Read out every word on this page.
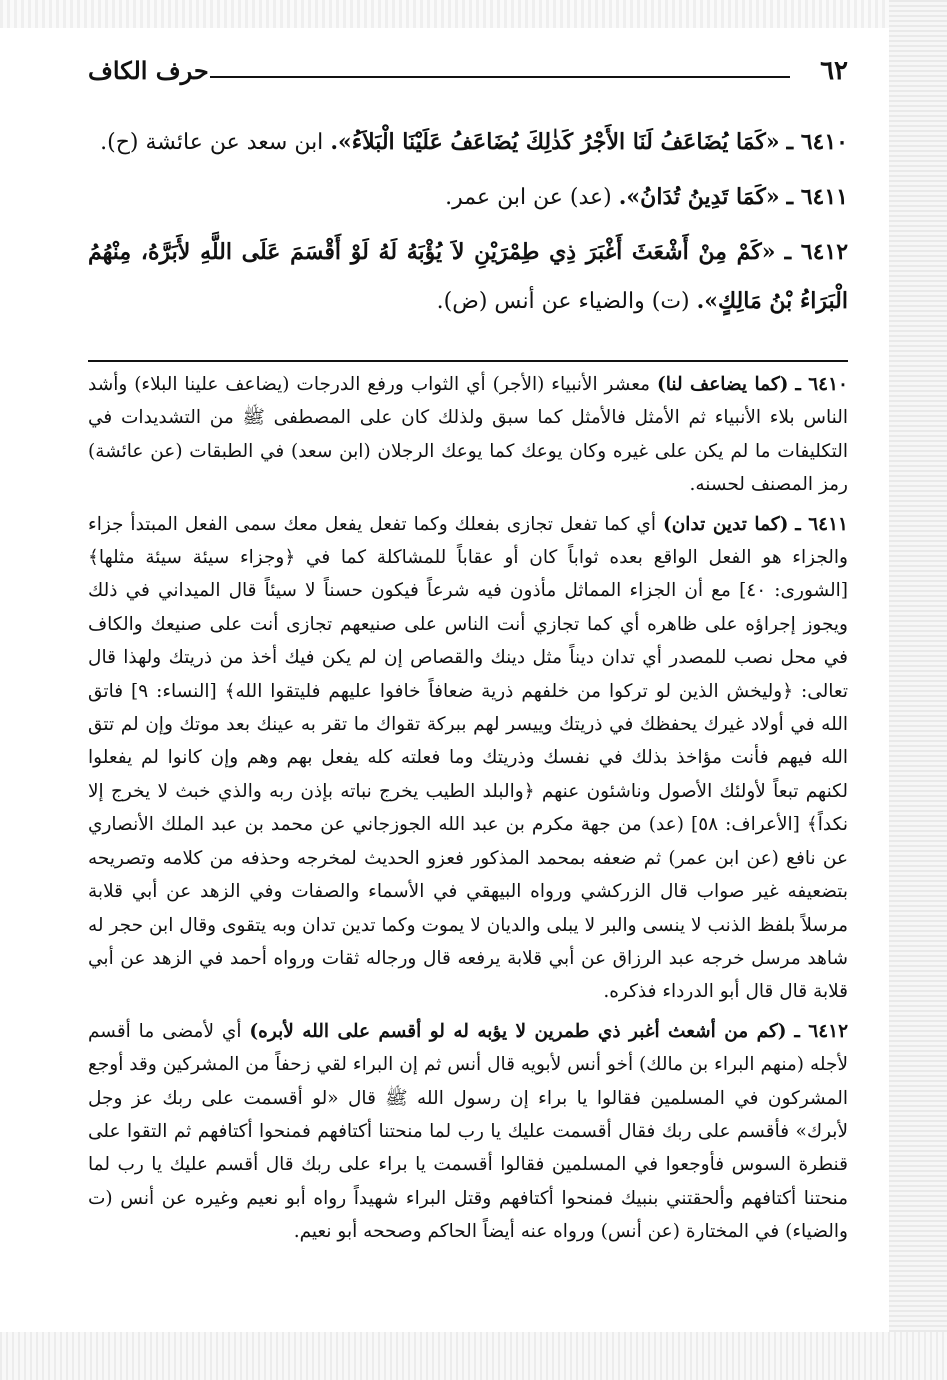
٦٢
حرف الكاف

٦٤١٠ ـ «كَمَا يُضَاعَفُ لَنَا الأَجْرُ كَذٰلِكَ يُضَاعَفُ عَلَيْنَا الْبَلاَءُ». ابن سعد عن عائشة (ح).

٦٤١١ ـ «كَمَا تَدِينُ تُدَانُ». (عد) عن ابن عمر.

٦٤١٢ ـ «كَمْ مِنْ أَشْعَثَ أَغْبَرَ ذِي طِمْرَيْنِ لاَ يُؤْبَهُ لَهُ لَوْ أَقْسَمَ عَلَى اللَّهِ لأَبَرَّهُ، مِنْهُمُ الْبَرَاءُ بْنُ مَالِكٍ». (ت) والضياء عن أنس (ض).

٦٤١٠ ـ (كما يضاعف لنا) معشر الأنبياء (الأجر) أي الثواب ورفع الدرجات (يضاعف علينا البلاء) وأشد الناس بلاء الأنبياء ثم الأمثل فالأمثل كما سبق ولذلك كان على المصطفى ﷺ من التشديدات في التكليفات ما لم يكن على غيره وكان يوعك كما يوعك الرجلان (ابن سعد) في الطبقات (عن عائشة) رمز المصنف لحسنه.

٦٤١١ ـ (كما تدين تدان) أي كما تفعل تجازى بفعلك وكما تفعل يفعل معك سمى الفعل المبتدأ جزاء والجزاء هو الفعل الواقع بعده ثواباً كان أو عقاباً للمشاكلة كما في ﴿وجزاء سيئة سيئة مثلها﴾ [الشورى: ٤٠] مع أن الجزاء المماثل مأذون فيه شرعاً فيكون حسناً لا سيئاً قال الميداني في ذلك ويجوز إجراؤه على ظاهره أي كما تجازي أنت الناس على صنيعهم تجازى أنت على صنيعك والكاف في محل نصب للمصدر أي تدان ديناً مثل دينك والقصاص إن لم يكن فيك أخذ من ذريتك ولهذا قال تعالى: ﴿وليخش الذين لو تركوا من خلفهم ذرية ضعافاً خافوا عليهم فليتقوا الله﴾ [النساء: ٩] فاتق الله في أولاد غيرك يحفظك في ذريتك وييسر لهم ببركة تقواك ما تقر به عينك بعد موتك وإن لم تتق الله فيهم فأنت مؤاخذ بذلك في نفسك وذريتك وما فعلته كله يفعل بهم وهم وإن كانوا لم يفعلوا لكنهم تبعاً لأولئك الأصول وناشئون عنهم ﴿والبلد الطيب يخرج نباته بإذن ربه والذي خبث لا يخرج إلا نكداً﴾ [الأعراف: ٥٨] (عد) من جهة مكرم بن عبد الله الجوزجاني عن محمد بن عبد الملك الأنصاري عن نافع (عن ابن عمر) ثم ضعفه بمحمد المذكور فعزو الحديث لمخرجه وحذفه من كلامه وتصريحه بتضعيفه غير صواب قال الزركشي ورواه البيهقي في الأسماء والصفات وفي الزهد عن أبي قلابة مرسلاً بلفظ الذنب لا ينسى والبر لا يبلى والديان لا يموت وكما تدين تدان وبه يتقوى وقال ابن حجر له شاهد مرسل خرجه عبد الرزاق عن أبي قلابة يرفعه قال ورجاله ثقات ورواه أحمد في الزهد عن أبي قلابة قال قال أبو الدرداء فذكره.

٦٤١٢ ـ (كم من أشعث أغبر ذي طمرين لا يؤبه له لو أقسم على الله لأبره) أي لأمضى ما أقسم لأجله (منهم البراء بن مالك) أخو أنس لأبويه قال أنس ثم إن البراء لقي زحفاً من المشركين وقد أوجع المشركون في المسلمين فقالوا يا براء إن رسول الله ﷺ قال «لو أقسمت على ربك عز وجل لأبرك» فأقسم على ربك فقال أقسمت عليك يا رب لما منحتنا أكتافهم فمنحوا أكتافهم ثم التقوا على قنطرة السوس فأوجعوا في المسلمين فقالوا أقسمت يا براء على ربك قال أقسم عليك يا رب لما منحتنا أكتافهم وألحقتني بنبيك فمنحوا أكتافهم وقتل البراء شهيداً رواه أبو نعيم وغيره عن أنس (ت والضياء) في المختارة (عن أنس) ورواه عنه أيضاً الحاكم وصححه أبو نعيم.
